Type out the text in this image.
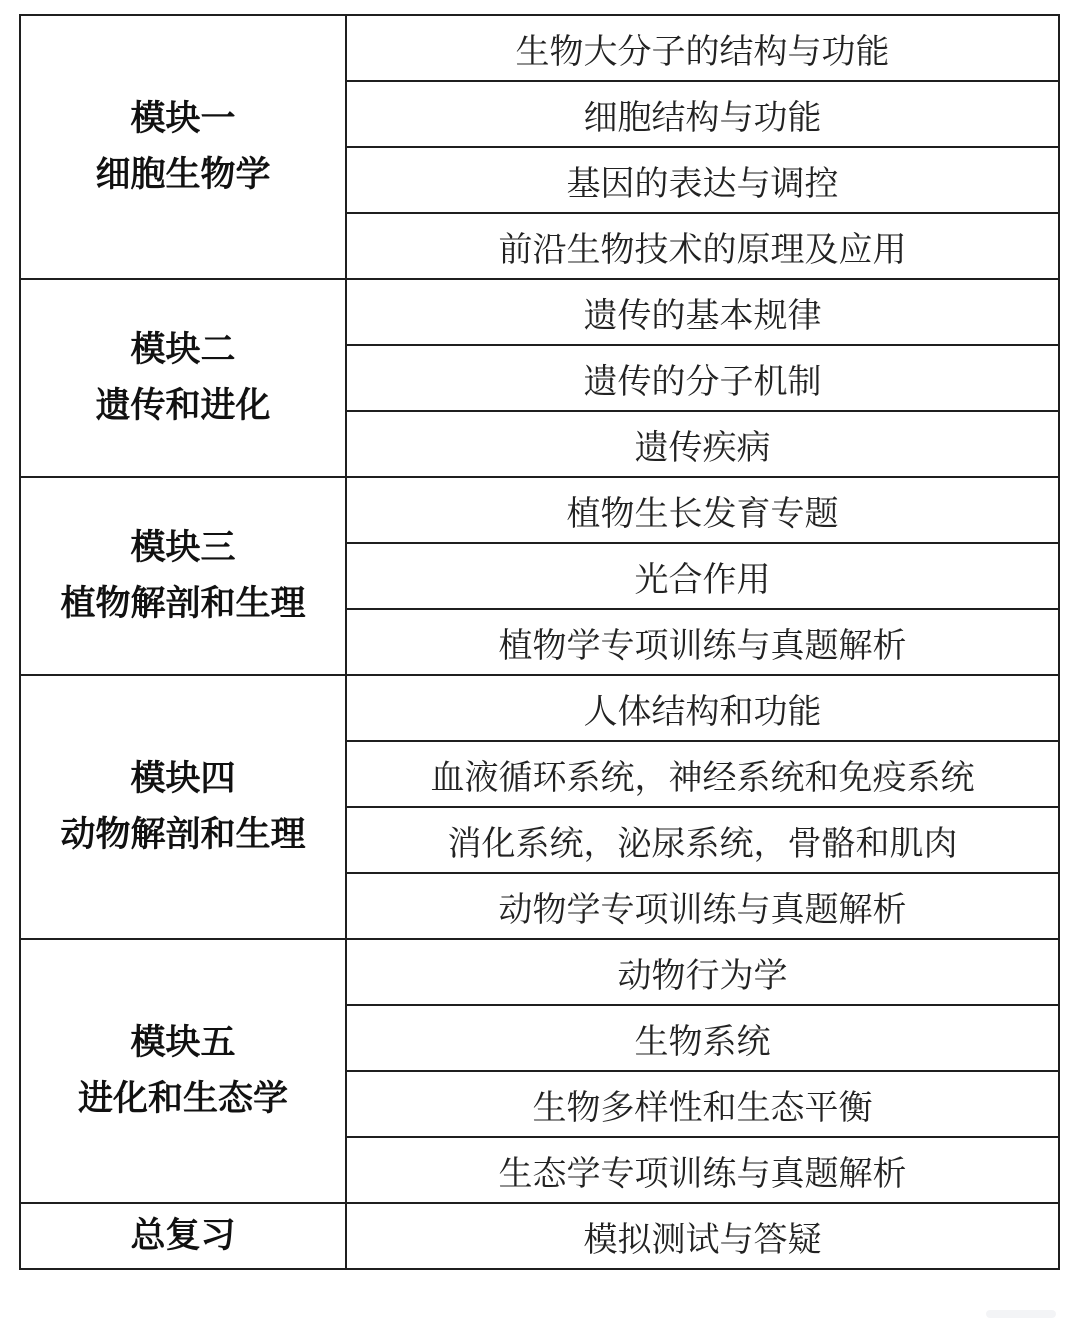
模块一
细胞生物学	生物大分子的结构与功能
	细胞结构与功能
	基因的表达与调控
	前沿生物技术的原理及应用

模块二
遗传和进化	遗传的基本规律
	遗传的分子机制
	遗传疾病

模块三
植物解剖和生理	植物生长发育专题
	光合作用
	植物学专项训练与真题解析

模块四
动物解剖和生理	人体结构和功能
	血液循环系统，神经系统和免疫系统
	消化系统，泌尿系统，骨骼和肌肉
	动物学专项训练与真题解析

模块五
进化和生态学	动物行为学
	生物系统
	生物多样性和生态平衡
	生态学专项训练与真题解析

总复习	模拟测试与答疑
